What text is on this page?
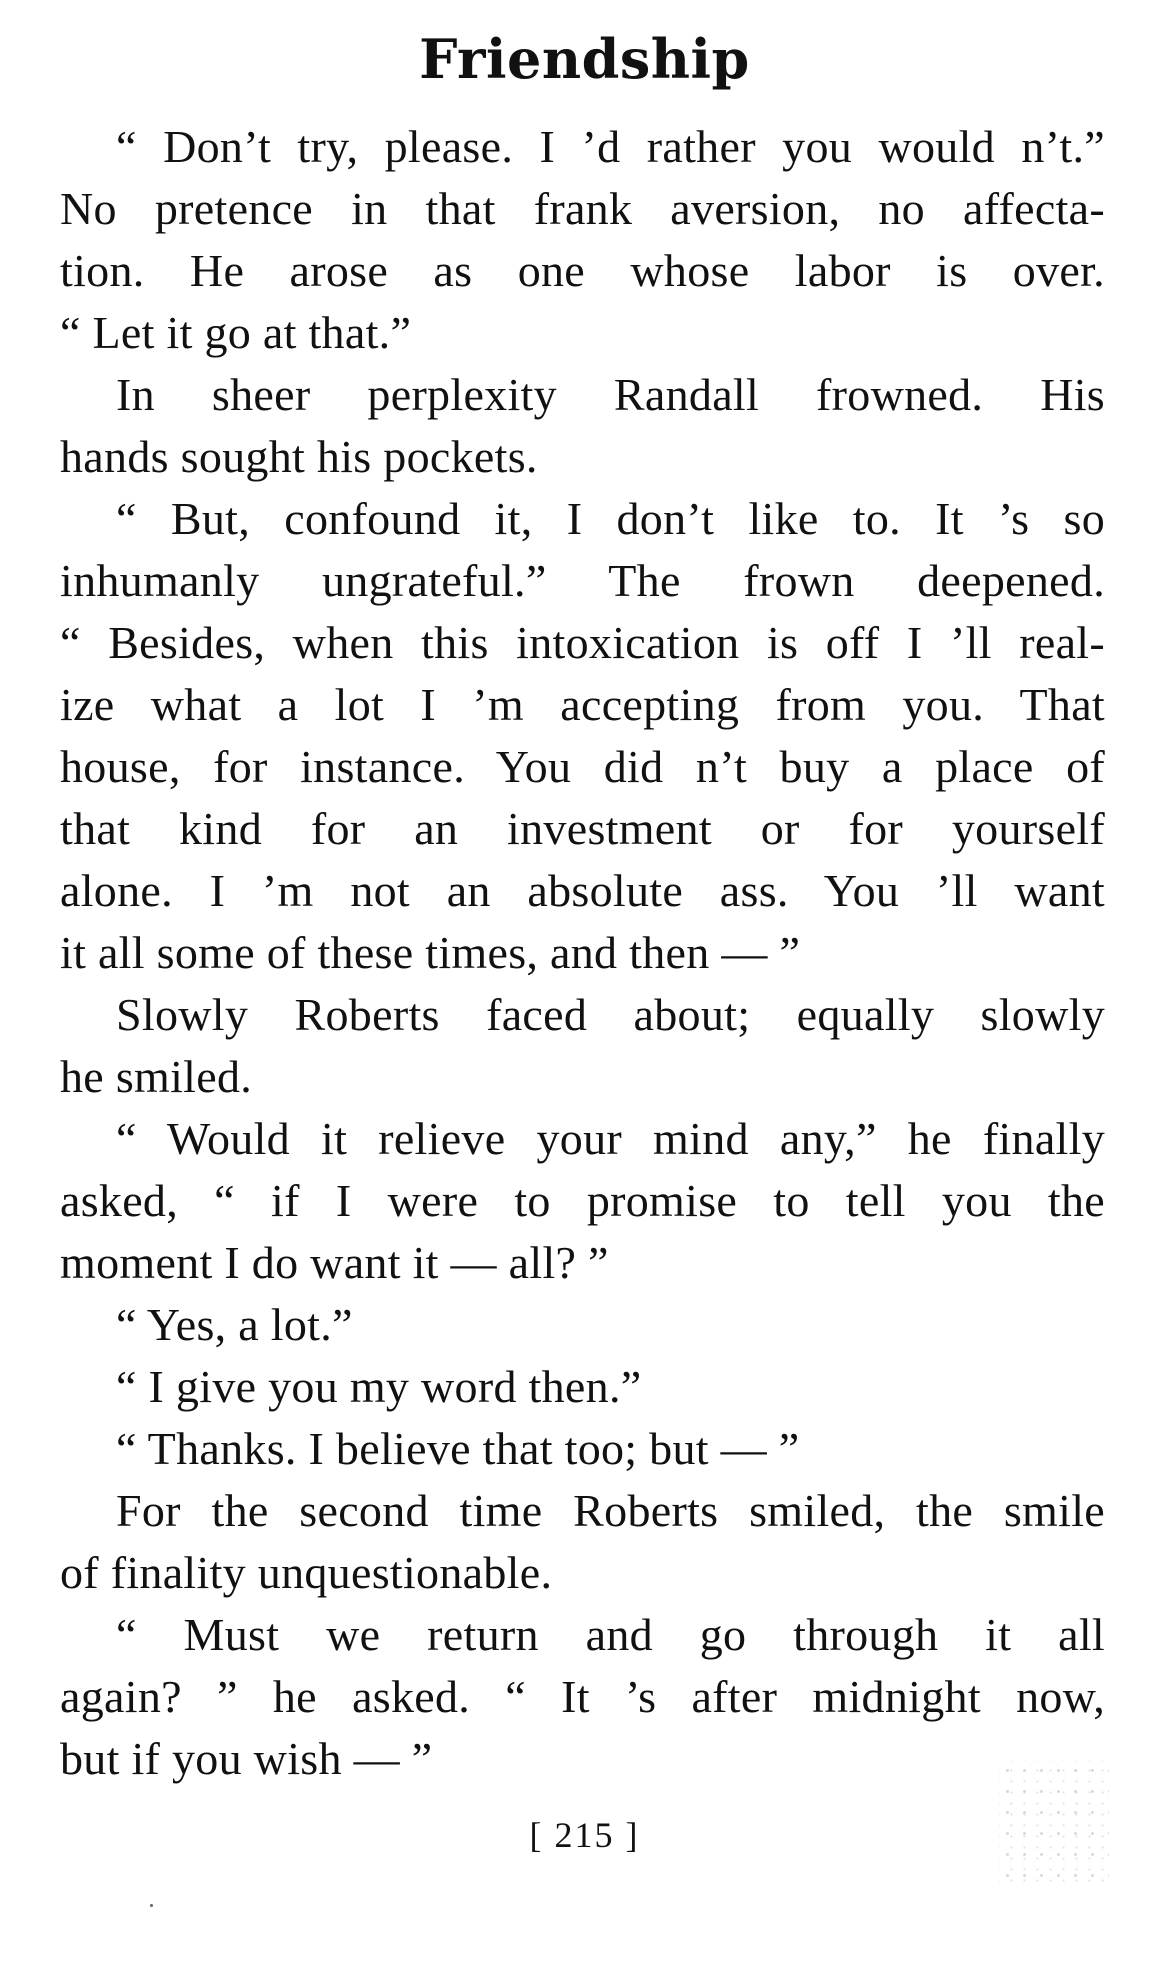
Friendship
“ Don’t try, please. I ’d rather you would n’t.”
No pretence in that frank aversion, no affecta-
tion. He arose as one whose labor is over.
“ Let it go at that.”
In sheer perplexity Randall frowned. His
hands sought his pockets.
“ But, confound it, I don’t like to. It ’s so
inhumanly ungrateful.” The frown deepened.
“ Besides, when this intoxication is off I ’ll real-
ize what a lot I ’m accepting from you. That
house, for instance. You did n’t buy a place of
that kind for an investment or for yourself
alone. I ’m not an absolute ass. You ’ll want
it all some of these times, and then — ”
Slowly Roberts faced about; equally slowly
he smiled.
“ Would it relieve your mind any,” he finally
asked, “ if I were to promise to tell you the
moment I do want it — all? ”
“ Yes, a lot.”
“ I give you my word then.”
“ Thanks. I believe that too; but — ”
For the second time Roberts smiled, the smile
of finality unquestionable.
“ Must we return and go through it all
again? ” he asked. “ It ’s after midnight now,
but if you wish — ”
[ 215 ]
